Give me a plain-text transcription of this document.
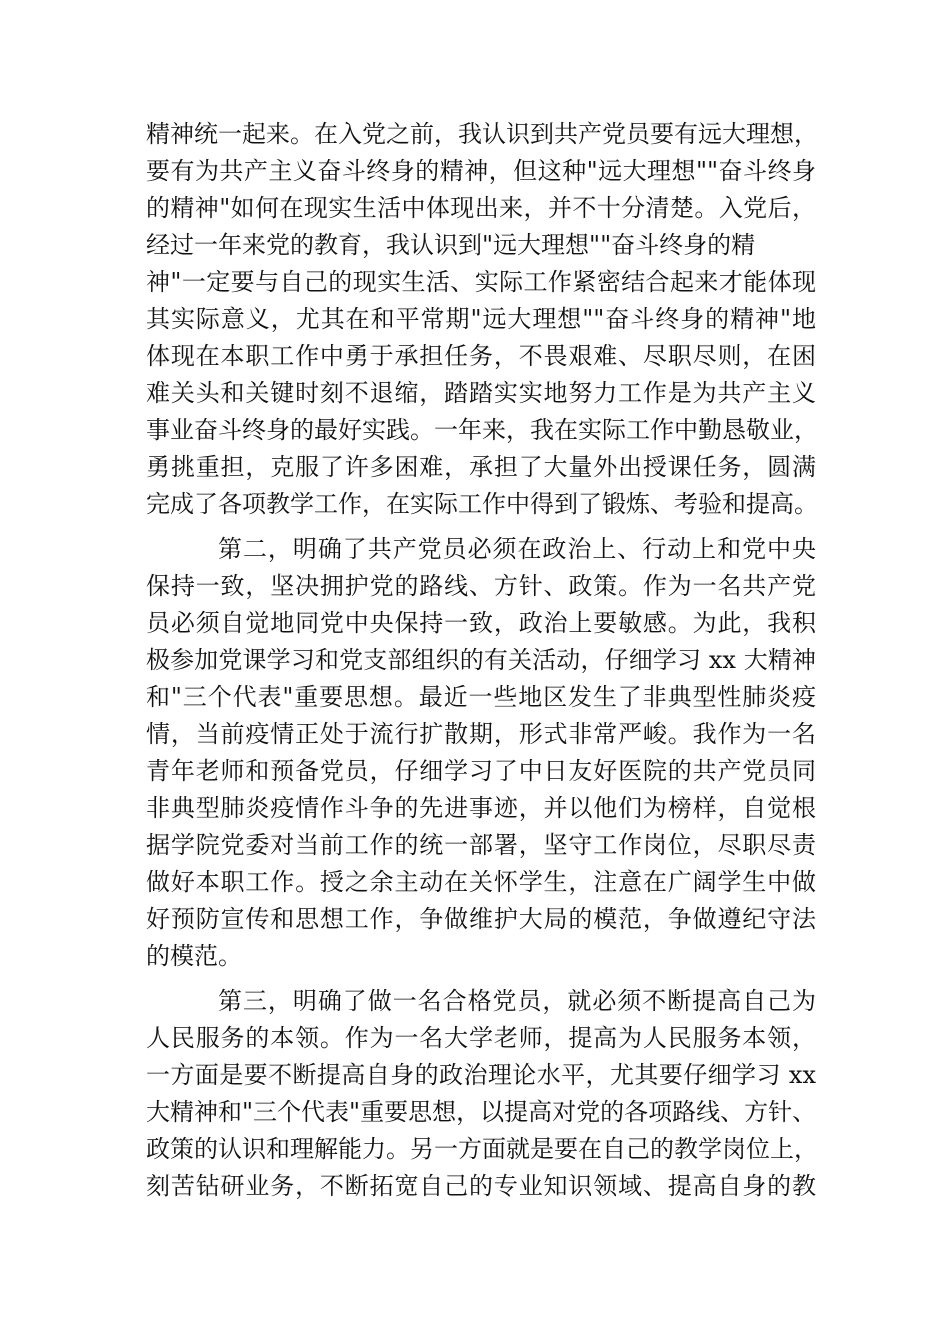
精神统一起来。在入党之前，我认识到共产党员要有远大理想，
要有为共产主义奋斗终身的精神，但这种"远大理想""奋斗终身
的精神"如何在现实生活中体现出来，并不十分清楚。入党后，
经过一年来党的教育，我认识到"远大理想""奋斗终身的精
神"一定要与自己的现实生活、实际工作紧密结合起来才能体现
其实际意义，尤其在和平常期"远大理想""奋斗终身的精神"地
体现在本职工作中勇于承担任务，不畏艰难、尽职尽则，在困
难关头和关键时刻不退缩，踏踏实实地努力工作是为共产主义
事业奋斗终身的最好实践。一年来，我在实际工作中勤恳敬业，
勇挑重担，克服了许多困难，承担了大量外出授课任务，圆满
完成了各项教学工作，在实际工作中得到了锻炼、考验和提高。
第二，明确了共产党员必须在政治上、行动上和党中央
保持一致，坚决拥护党的路线、方针、政策。作为一名共产党
员必须自觉地同党中央保持一致，政治上要敏感。为此，我积
极参加党课学习和党支部组织的有关活动，仔细学习 xx 大精神
和"三个代表"重要思想。最近一些地区发生了非典型性肺炎疫
情，当前疫情正处于流行扩散期，形式非常严峻。我作为一名
青年老师和预备党员，仔细学习了中日友好医院的共产党员同
非典型肺炎疫情作斗争的先进事迹，并以他们为榜样，自觉根
据学院党委对当前工作的统一部署，坚守工作岗位，尽职尽责
做好本职工作。授之余主动在关怀学生，注意在广阔学生中做
好预防宣传和思想工作，争做维护大局的模范，争做遵纪守法
的模范。
第三，明确了做一名合格党员，就必须不断提高自己为
人民服务的本领。作为一名大学老师，提高为人民服务本领，
一方面是要不断提高自身的政治理论水平，尤其要仔细学习 xx
大精神和"三个代表"重要思想，以提高对党的各项路线、方针、
政策的认识和理解能力。另一方面就是要在自己的教学岗位上，
刻苦钻研业务，不断拓宽自己的专业知识领域、提高自身的教
